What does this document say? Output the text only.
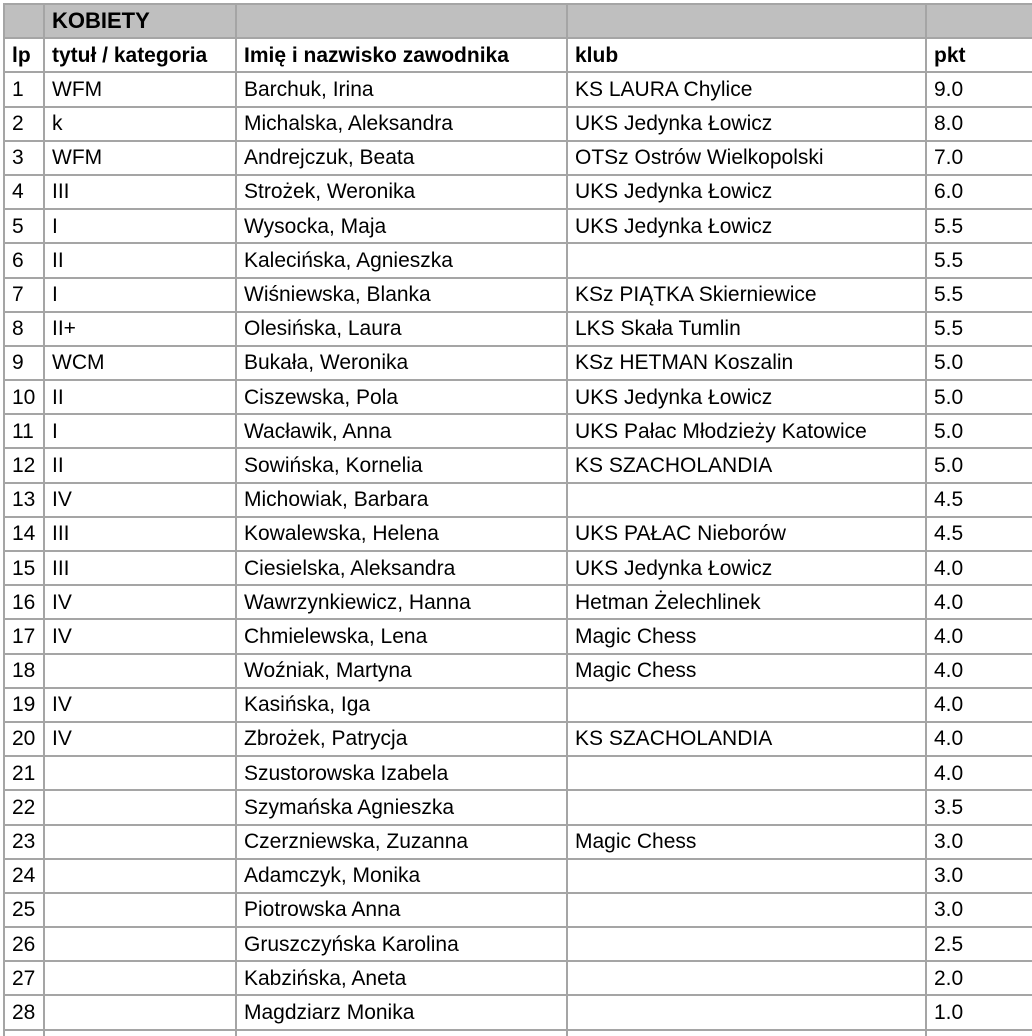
	KOBIETY			
lp	tytuł / kategoria	Imię i nazwisko zawodnika	klub	pkt
1	WFM	Barchuk, Irina	KS LAURA Chylice	9.0
2	k	Michalska, Aleksandra	UKS Jedynka Łowicz	8.0
3	WFM	Andrejczuk, Beata	OTSz Ostrów Wielkopolski	7.0
4	III	Strożek, Weronika	UKS Jedynka Łowicz	6.0
5	I	Wysocka, Maja	UKS Jedynka Łowicz	5.5
6	II	Kalecińska, Agnieszka		5.5
7	I	Wiśniewska, Blanka	KSz PIĄTKA Skierniewice	5.5
8	II+	Olesińska, Laura	LKS Skała Tumlin	5.5
9	WCM	Bukała, Weronika	KSz HETMAN Koszalin	5.0
10	II	Ciszewska, Pola	UKS Jedynka Łowicz	5.0
11	I	Wacławik, Anna	UKS Pałac Młodzieży Katowice	5.0
12	II	Sowińska, Kornelia	KS SZACHOLANDIA	5.0
13	IV	Michowiak, Barbara		4.5
14	III	Kowalewska, Helena	UKS PAŁAC Nieborów	4.5
15	III	Ciesielska, Aleksandra	UKS Jedynka Łowicz	4.0
16	IV	Wawrzynkiewicz, Hanna	Hetman Żelechlinek	4.0
17	IV	Chmielewska, Lena	Magic Chess	4.0
18		Woźniak, Martyna	Magic Chess	4.0
19	IV	Kasińska, Iga		4.0
20	IV	Zbrożek, Patrycja	KS SZACHOLANDIA	4.0
21		Szustorowska Izabela		4.0
22		Szymańska Agnieszka		3.5
23		Czerzniewska, Zuzanna	Magic Chess	3.0
24		Adamczyk, Monika		3.0
25		Piotrowska Anna		3.0
26		Gruszczyńska Karolina		2.5
27		Kabzińska, Aneta		2.0
28		Magdziarz Monika		1.0
